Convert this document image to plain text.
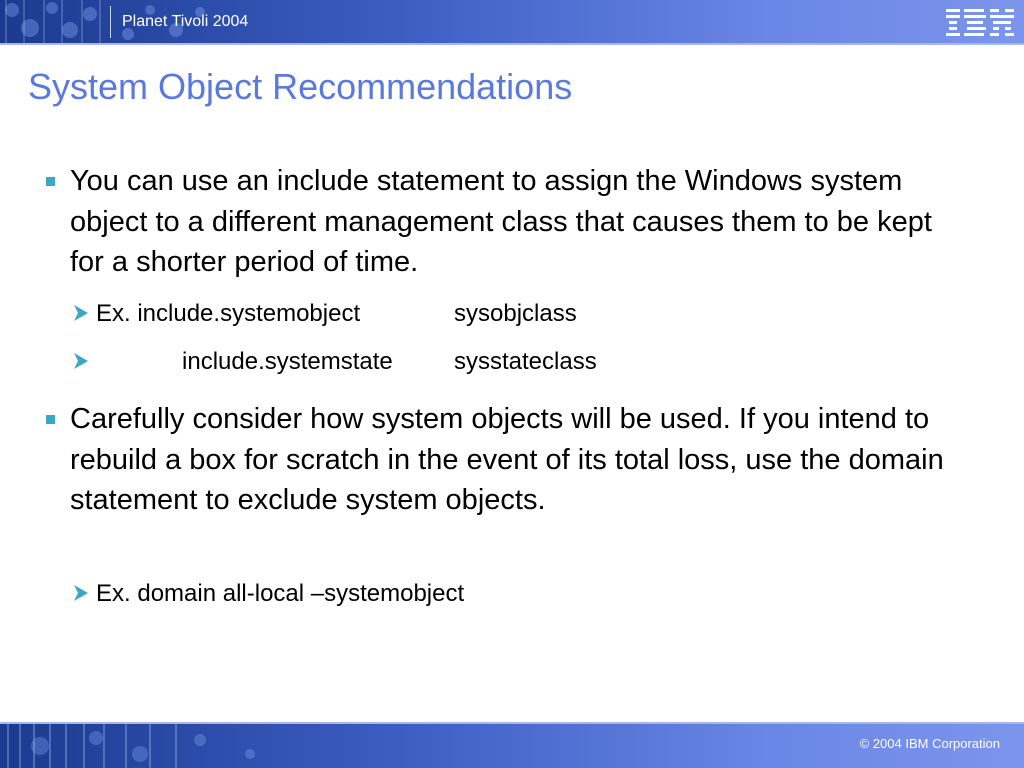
Planet Tivoli 2004
System Object Recommendations
You can use an include statement to assign the Windows system object to a different management class that causes them to be kept for a shorter period of time.
Ex. include.systemobject	sysobjclass
include.systemstate	sysstateclass
Carefully consider how system objects will be used. If you intend to rebuild a box for scratch in the event of its total loss, use the domain statement to exclude system objects.
Ex. domain all-local –systemobject
© 2004 IBM Corporation
